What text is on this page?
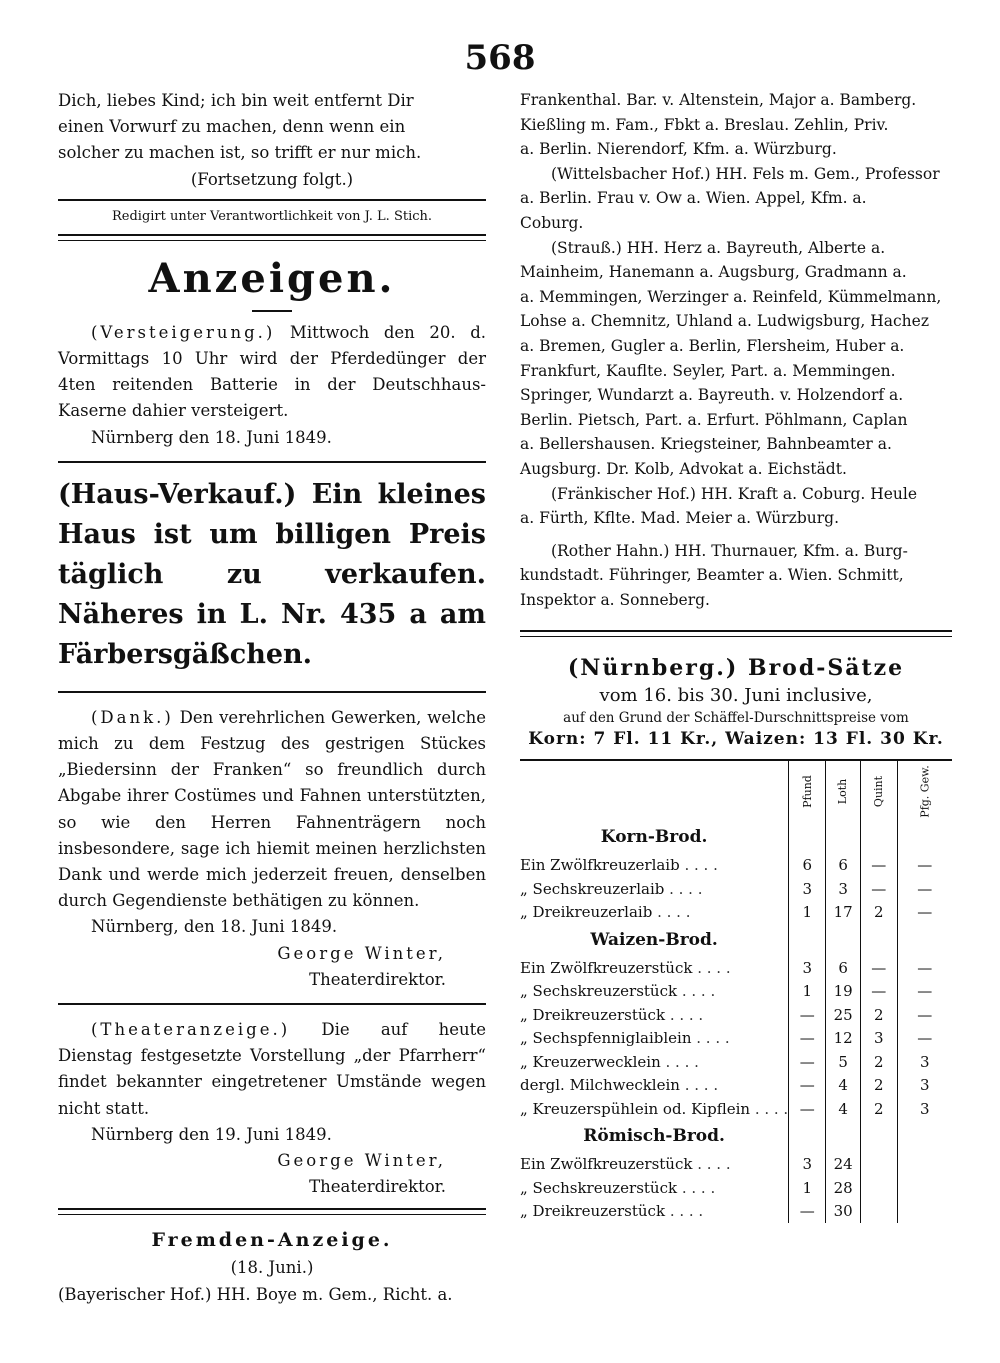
568

Dich, liebes Kind; ich bin weit entfernt Dir

einen Vorwurf zu machen, denn wenn ein

solcher zu machen ist, so trifft er nur mich.

(Fortsetzung folgt.)

Redigirt unter Verantwortlichkeit von J. L. Stich.

Anzeigen.

(Versteigerung.) Mittwoch den 20. d. Vormittags 10 Uhr wird der Pferdedünger der 4ten reitenden Batterie in der Deutschhaus-Kaserne dahier versteigert.

Nürnberg den 18. Juni 1849.

(Haus-Verkauf.) Ein kleines Haus ist um billigen Preis täglich zu verkaufen. Näheres in L. Nr. 435 a am Färbersgäßchen.

(Dank.) Den verehrlichen Gewerken, welche mich zu dem Festzug des gestrigen Stückes „Biedersinn der Franken“ so freundlich durch Abgabe ihrer Costümes und Fahnen unterstützten, so wie den Herren Fahnenträgern noch insbesondere, sage ich hiemit meinen herzlichsten Dank und werde mich jederzeit freuen, denselben durch Gegendienste bethätigen zu können.

Nürnberg, den 18. Juni 1849.

George Winter,

Theaterdirektor.

(Theateranzeige.) Die auf heute Dienstag festgesetzte Vorstellung „der Pfarrherr“ findet bekannter eingetretener Umstände wegen nicht statt.

Nürnberg den 19. Juni 1849.

George Winter,

Theaterdirektor.

Fremden-Anzeige.

(18. Juni.)

(Bayerischer Hof.) HH. Boye m. Gem., Richt. a.

Frankenthal. Bar. v. Altenstein, Major a. Bamberg.

Kießling m. Fam., Fbkt a. Breslau. Zehlin, Priv.

a. Berlin. Nierendorf, Kfm. a. Würzburg.

(Wittelsbacher Hof.) HH. Fels m. Gem., Professor

a. Berlin. Frau v. Ow a. Wien. Appel, Kfm. a.

Coburg.

(Strauß.) HH. Herz a. Bayreuth, Alberte a.

Mainheim, Hanemann a. Augsburg, Gradmann a.

a. Memmingen, Werzinger a. Reinfeld, Kümmelmann,

Lohse a. Chemnitz, Uhland a. Ludwigsburg, Hachez

a. Bremen, Gugler a. Berlin, Flersheim, Huber a.

Frankfurt, Kauflte. Seyler, Part. a. Memmingen.

Springer, Wundarzt a. Bayreuth. v. Holzendorf a.

Berlin. Pietsch, Part. a. Erfurt. Pöhlmann, Caplan

a. Bellershausen. Kriegsteiner, Bahnbeamter a.

Augsburg. Dr. Kolb, Advokat a. Eichstädt.

(Fränkischer Hof.) HH. Kraft a. Coburg. Heule

a. Fürth, Kflte. Mad. Meier a. Würzburg.

(Rother Hahn.) HH. Thurnauer, Kfm. a. Burg-

kundstadt. Führinger, Beamter a. Wien. Schmitt,

Inspektor a. Sonneberg.

(Nürnberg.) Brod-Sätze

vom 16. bis 30. Juni inclusive,

auf den Grund der Schäffel-Durschnittspreise vom

Korn: 7 Fl. 11 Kr., Waizen: 13 Fl. 30 Kr.

	Pfund	Loth	Quint	Pfg. Gew.
Korn-Brod.				
Ein Zwölfkreuzerlaib . . . .	6	6	—	—
„ Sechskreuzerlaib . . . .	3	3	—	—
„ Dreikreuzerlaib . . . .	1	17	2	—
Waizen-Brod.				
Ein Zwölfkreuzerstück . . . .	3	6	—	—
„ Sechskreuzerstück . . . .	1	19	—	—
„ Dreikreuzerstück . . . .	—	25	2	—
„ Sechspfenniglaiblein . . . .	—	12	3	—
„ Kreuzerwecklein . . . .	—	5	2	3
dergl. Milchwecklein . . . .	—	4	2	3
„ Kreuzerspühlein od. Kipflein . . . .	—	4	2	3
Römisch-Brod.				
Ein Zwölfkreuzerstück . . . .	3	24		
„ Sechskreuzerstück . . . .	1	28		
„ Dreikreuzerstück . . . .	—	30		
